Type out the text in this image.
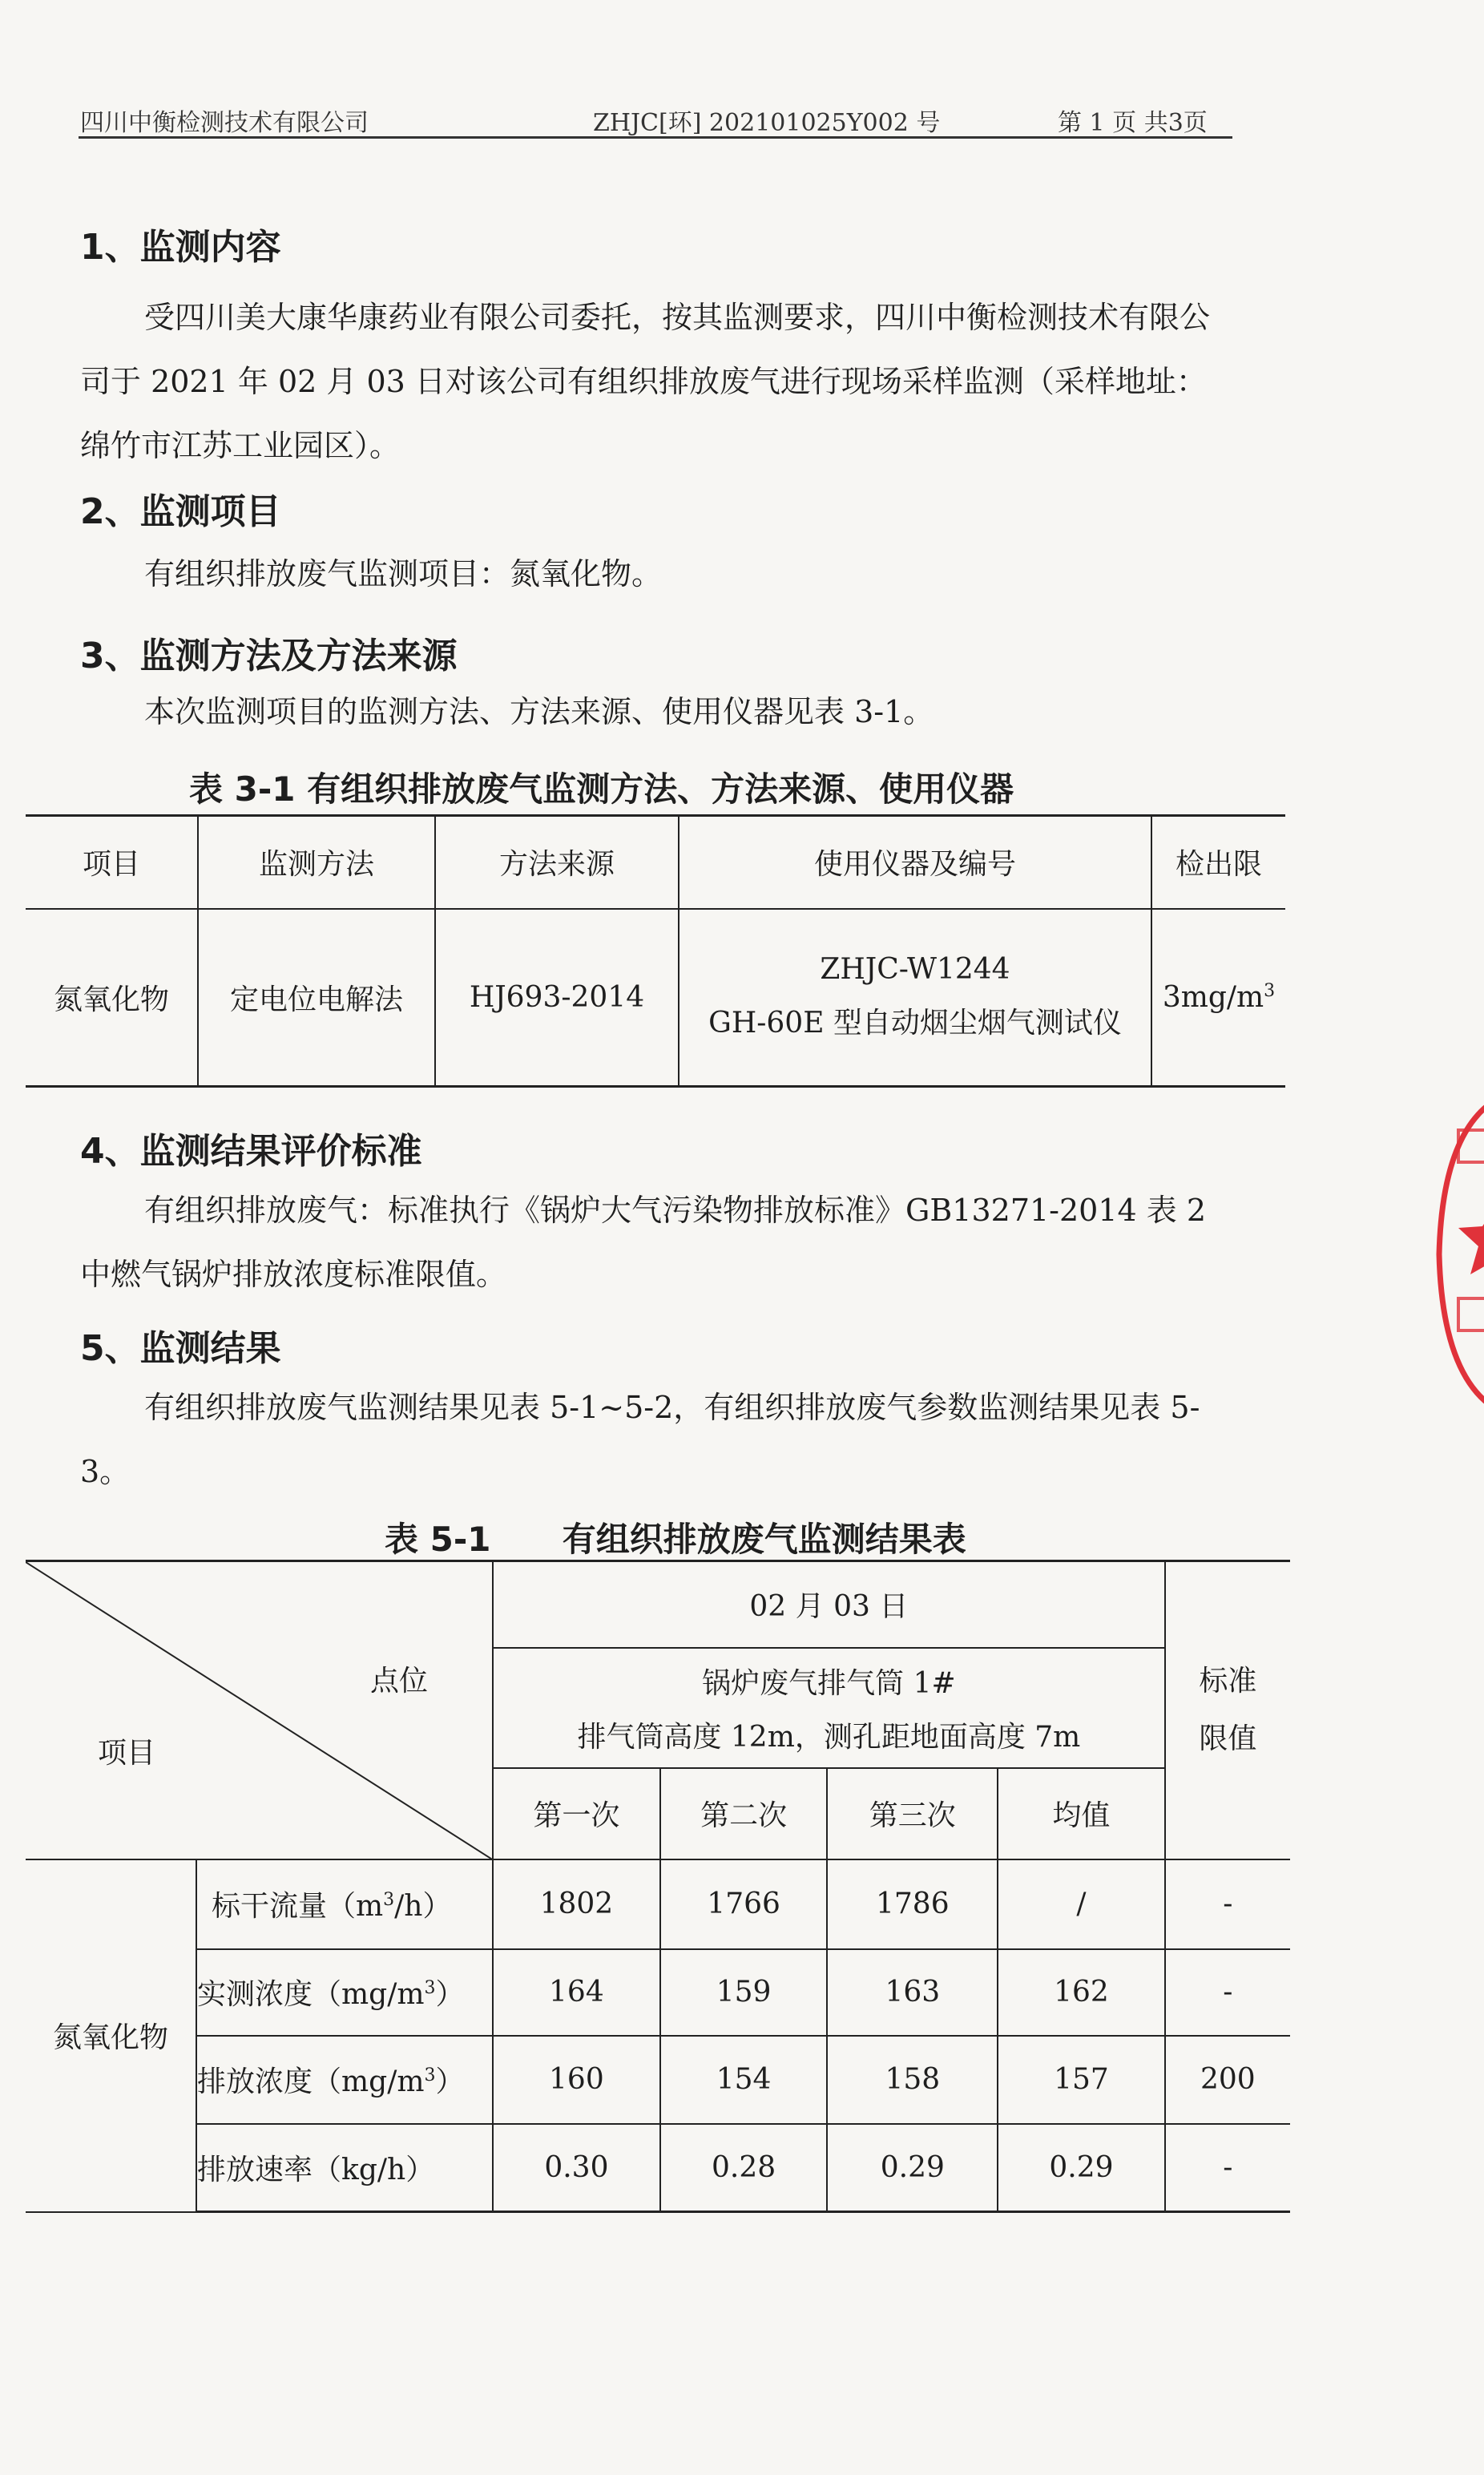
四川中衡检测技术有限公司	ZHJC[环] 202101025Y002 号	第 1 页 共3页
1、监测内容
受四川美大康华康药业有限公司委托，按其监测要求，四川中衡检测技术有限公司于 2021 年 02 月 03 日对该公司有组织排放废气进行现场采样监测（采样地址：绵竹市江苏工业园区）。
2、监测项目
有组织排放废气监测项目：氮氧化物。
3、监测方法及方法来源
本次监测项目的监测方法、方法来源、使用仪器见表 3-1。
表 3-1 有组织排放废气监测方法、方法来源、使用仪器
项目	监测方法	方法来源	使用仪器及编号	检出限
氮氧化物	定电位电解法	HJ693-2014	ZHJC-W1244
GH-60E 型自动烟尘烟气测试仪	$3mg/m^3$
4、监测结果评价标准
有组织排放废气：标准执行《锅炉大气污染物排放标准》GB13271-2014 表 2 中燃气锅炉排放浓度标准限值。
5、监测结果
有组织排放废气监测结果见表 5-1~5-2，有组织排放废气参数监测结果见表 5-3。
表 5-1 有组织排放废气监测结果表
点位
项目		02 月 03 日				标准限值

		锅炉废气排气筒 1#
排气筒高度 12m，测孔距地面高度 7m				

		第一次	第二次	第三次	均值	
氮氧化物	标干流量$(m^3/h)$	1802	1766	1786	/	-
	实测浓度$(mg/m^3)$	164	159	163	162	-
	排放浓度$(mg/m^3)$	160	154	158	157	200
	排放速率（kg/h）	0.30	0.28	0.29	0.29	-
